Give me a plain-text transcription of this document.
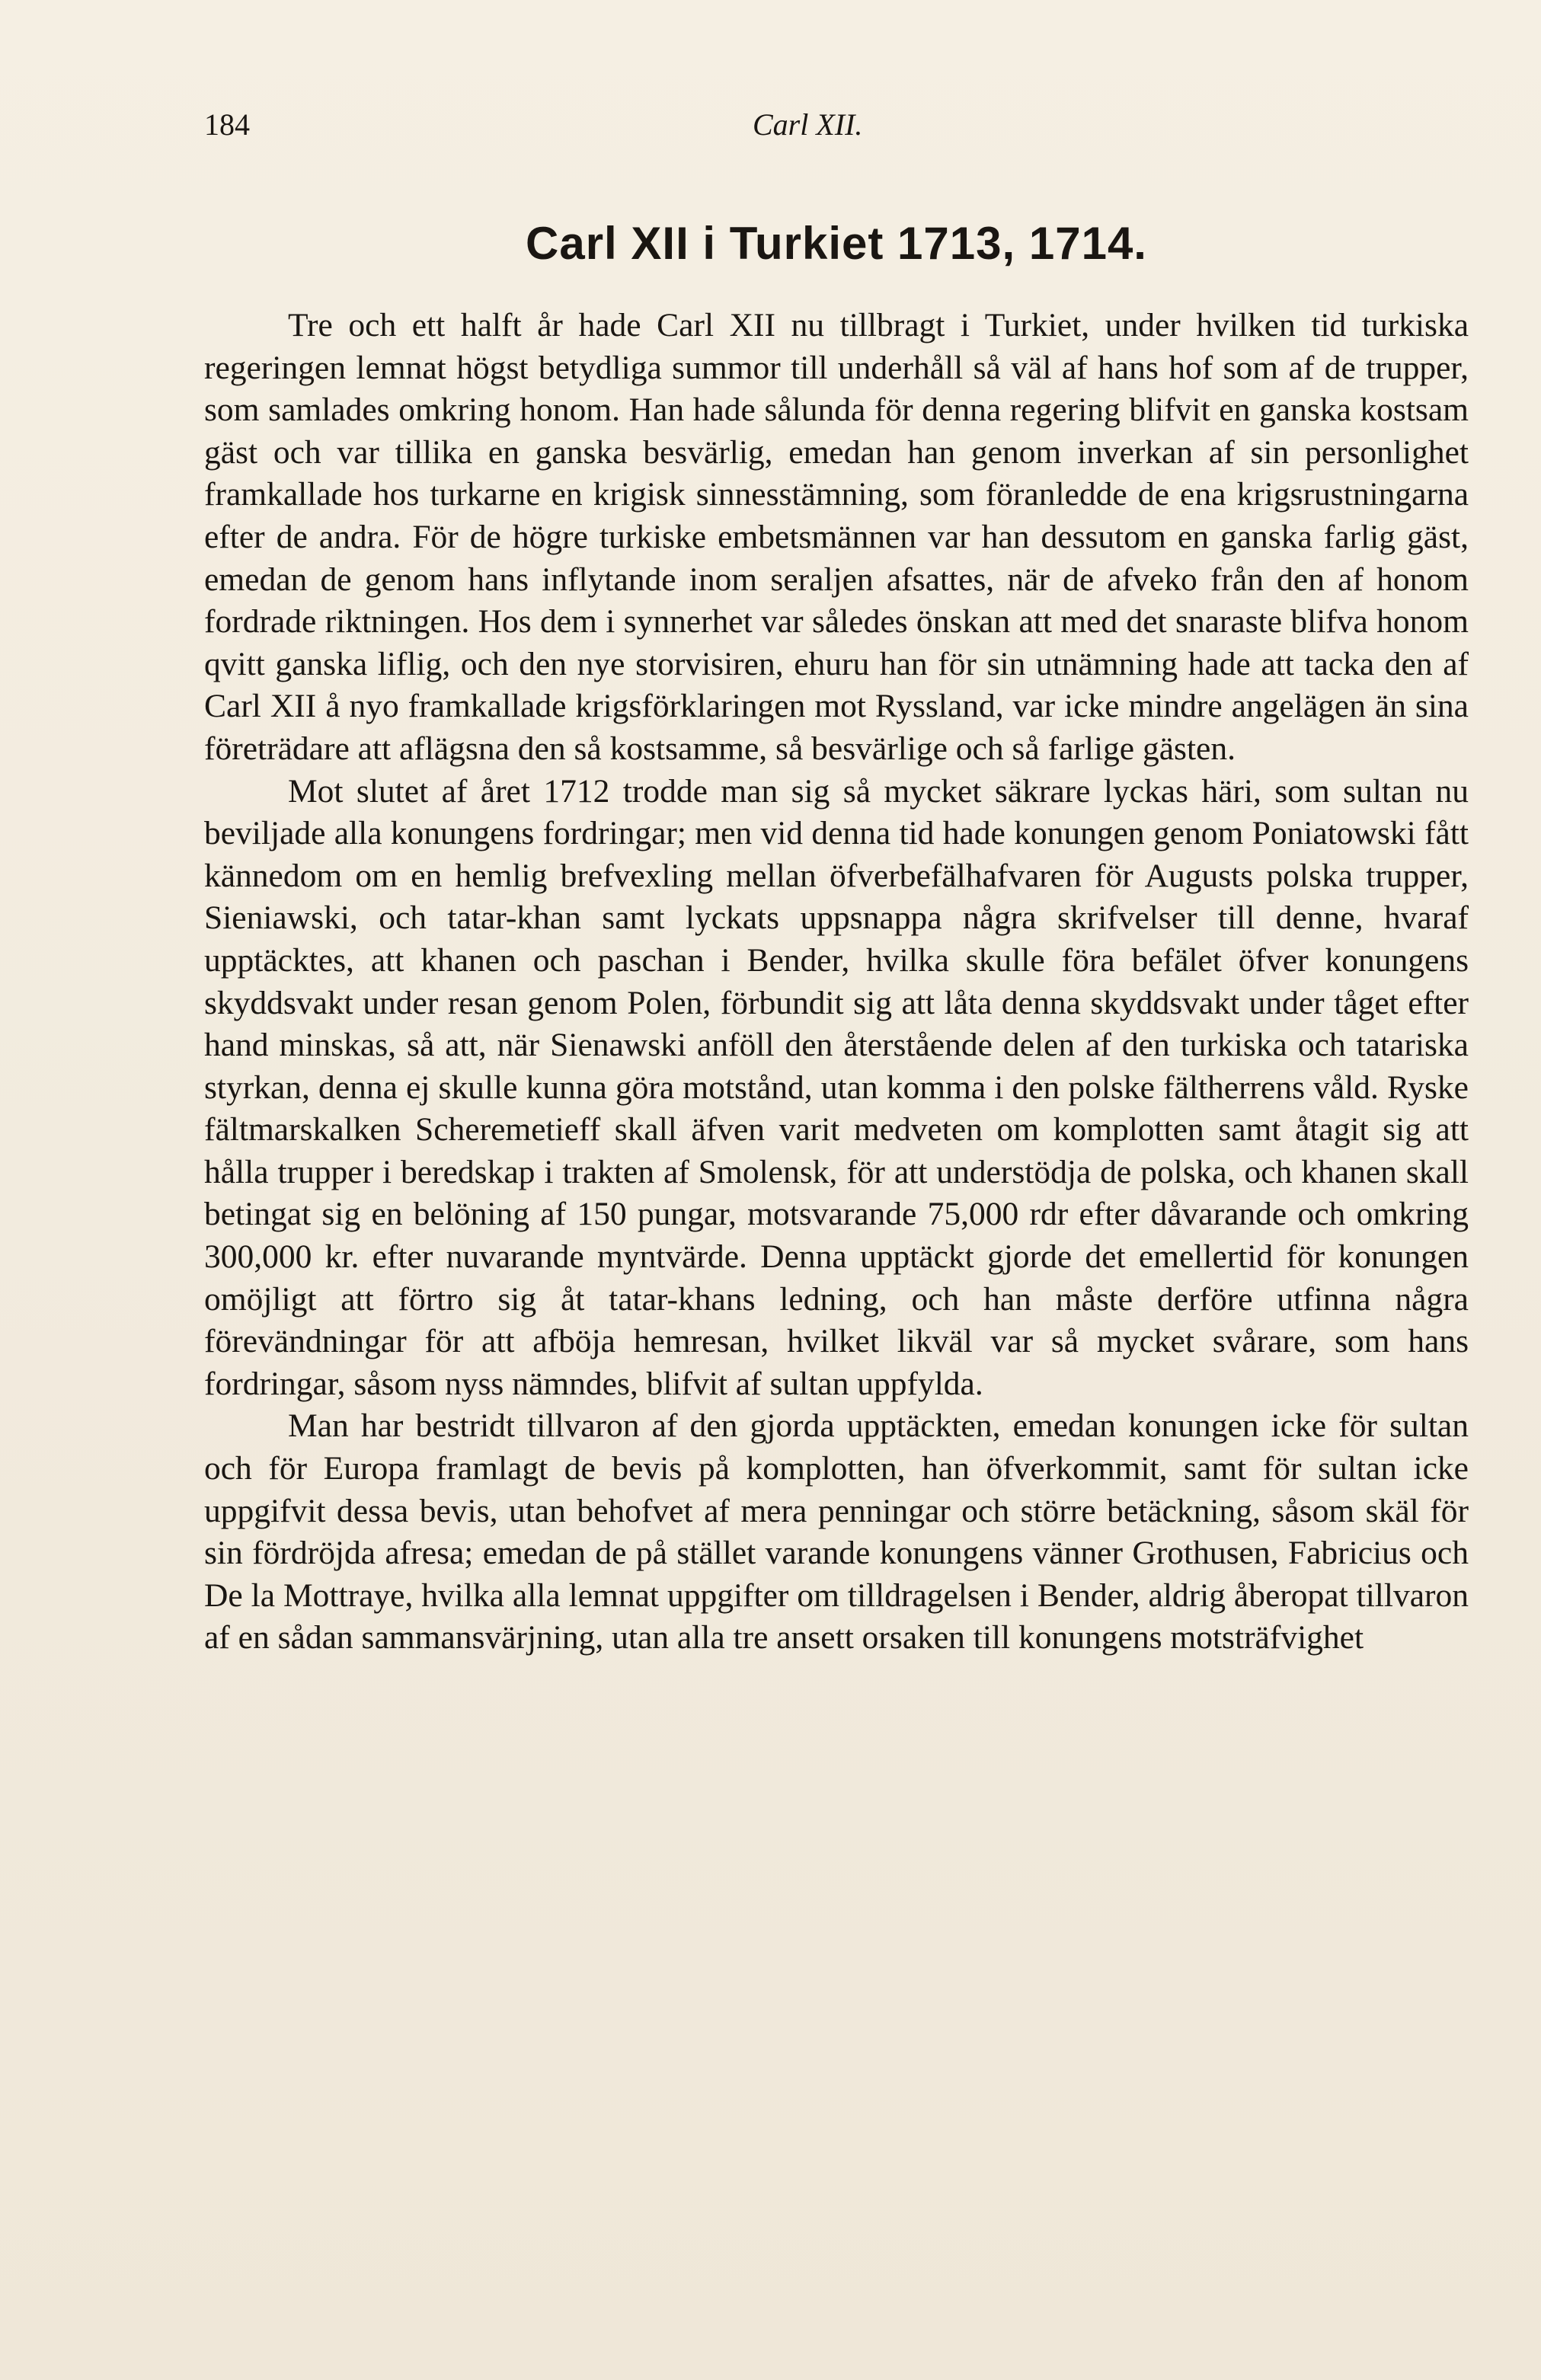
184	Carl XII.
Carl XII i Turkiet 1713, 1714.

Tre och ett halft år hade Carl XII nu tillbragt i Turkiet, under hvilken tid turkiska regeringen lemnat högst betydliga summor till underhåll så väl af hans hof som af de trupper, som samlades omkring honom. Han hade sålunda för denna regering blifvit en ganska kostsam gäst och var tillika en ganska besvärlig, emedan han genom inverkan af sin personlighet framkallade hos turkarne en krigisk sinnesstämning, som föranledde de ena krigsrustningarna efter de andra. För de högre turkiske embetsmännen var han dessutom en ganska farlig gäst, emedan de genom hans inflytande inom seraljen afsattes, när de afveko från den af honom fordrade riktningen. Hos dem i synnerhet var således önskan att med det snaraste blifva honom qvitt ganska liflig, och den nye storvisiren, ehuru han för sin utnämning hade att tacka den af Carl XII å nyo framkallade krigsförklaringen mot Ryssland, var icke mindre angelägen än sina företrädare att aflägsna den så kostsamme, så besvärlige och så farlige gästen.

Mot slutet af året 1712 trodde man sig så mycket säkrare lyckas häri, som sultan nu beviljade alla konungens fordringar; men vid denna tid hade konungen genom Poniatowski fått kännedom om en hemlig brefvexling mellan öfverbefälhafvaren för Augusts polska trupper, Sieniawski, och tatar-khan samt lyckats uppsnappa några skrifvelser till denne, hvaraf upptäcktes, att khanen och paschan i Bender, hvilka skulle föra befälet öfver konungens skyddsvakt under resan genom Polen, förbundit sig att låta denna skyddsvakt under tåget efter hand minskas, så att, när Sienawski anföll den återstående delen af den turkiska och tatariska styrkan, denna ej skulle kunna göra motstånd, utan komma i den polske fältherrens våld. Ryske fältmarskalken Scheremetieff skall äfven varit medveten om komplotten samt åtagit sig att hålla trupper i beredskap i trakten af Smolensk, för att understödja de polska, och khanen skall betingat sig en belöning af 150 pungar, motsvarande 75,000 rdr efter dåvarande och omkring 300,000 kr. efter nuvarande myntvärde. Denna upptäckt gjorde det emellertid för konungen omöjligt att förtro sig åt tatar-khans ledning, och han måste derföre utfinna några förevändningar för att afböja hemresan, hvilket likväl var så mycket svårare, som hans fordringar, såsom nyss nämndes, blifvit af sultan uppfylda.

Man har bestridt tillvaron af den gjorda upptäckten, emedan konungen icke för sultan och för Europa framlagt de bevis på komplotten, han öfverkommit, samt för sultan icke uppgifvit dessa bevis, utan behofvet af mera penningar och större betäckning, såsom skäl för sin fördröjda afresa; emedan de på stället varande konungens vänner Grothusen, Fabricius och De la Mottraye, hvilka alla lemnat uppgifter om tilldragelsen i Bender, aldrig åberopat tillvaron af en sådan sammansvärjning, utan alla tre ansett orsaken till konungens motsträfvighet
